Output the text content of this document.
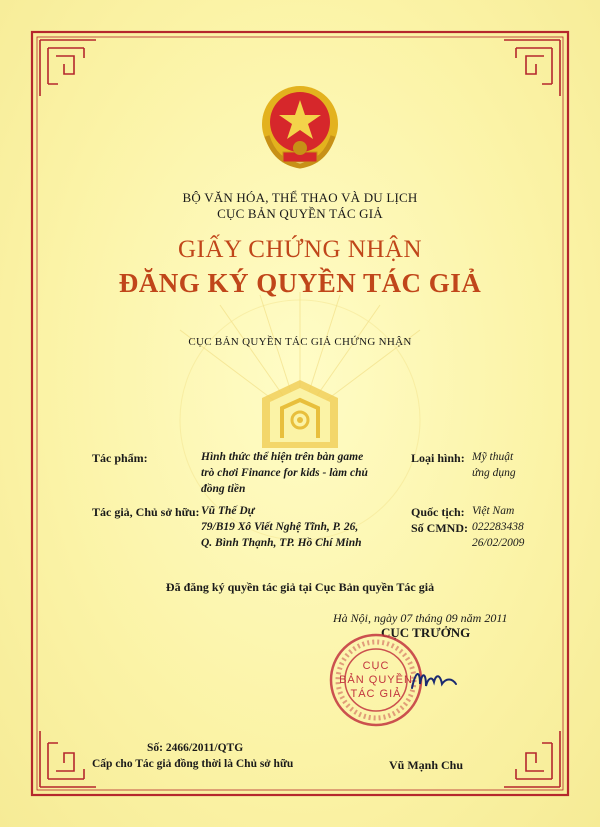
BỘ VĂN HÓA, THỂ THAO VÀ DU LỊCH
CỤC BẢN QUYỀN TÁC GIẢ
GIẤY CHỨNG NHẬN
ĐĂNG KÝ QUYỀN TÁC GIẢ
CỤC BẢN QUYỀN TÁC GIẢ CHỨNG NHẬN
Tác phẩm:	Hình thức thể hiện trên bàn game
trò chơi Finance for kids - làm chủ
đồng tiền
Loại hình: Mỹ thuật
ứng dụng
Tác giả, Chủ sở hữu: Vũ Thế Dự
79/B19 Xô Viết Nghệ Tĩnh, P. 26,
Q. Bình Thạnh, TP. Hồ Chí Minh
Quốc tịch: Việt Nam
Số CMND: 022283438
26/02/2009
Đã đăng ký quyền tác giả tại Cục Bản quyền Tác giả
Hà Nội, ngày 07 tháng 09 năm 2011
CỤC TRƯỞNG
CỤC
BẢN QUYỀN
TÁC GIẢ
Số: 2466/2011/QTG
Cấp cho Tác giả đồng thời là Chủ sở hữu	Vũ Mạnh Chu
